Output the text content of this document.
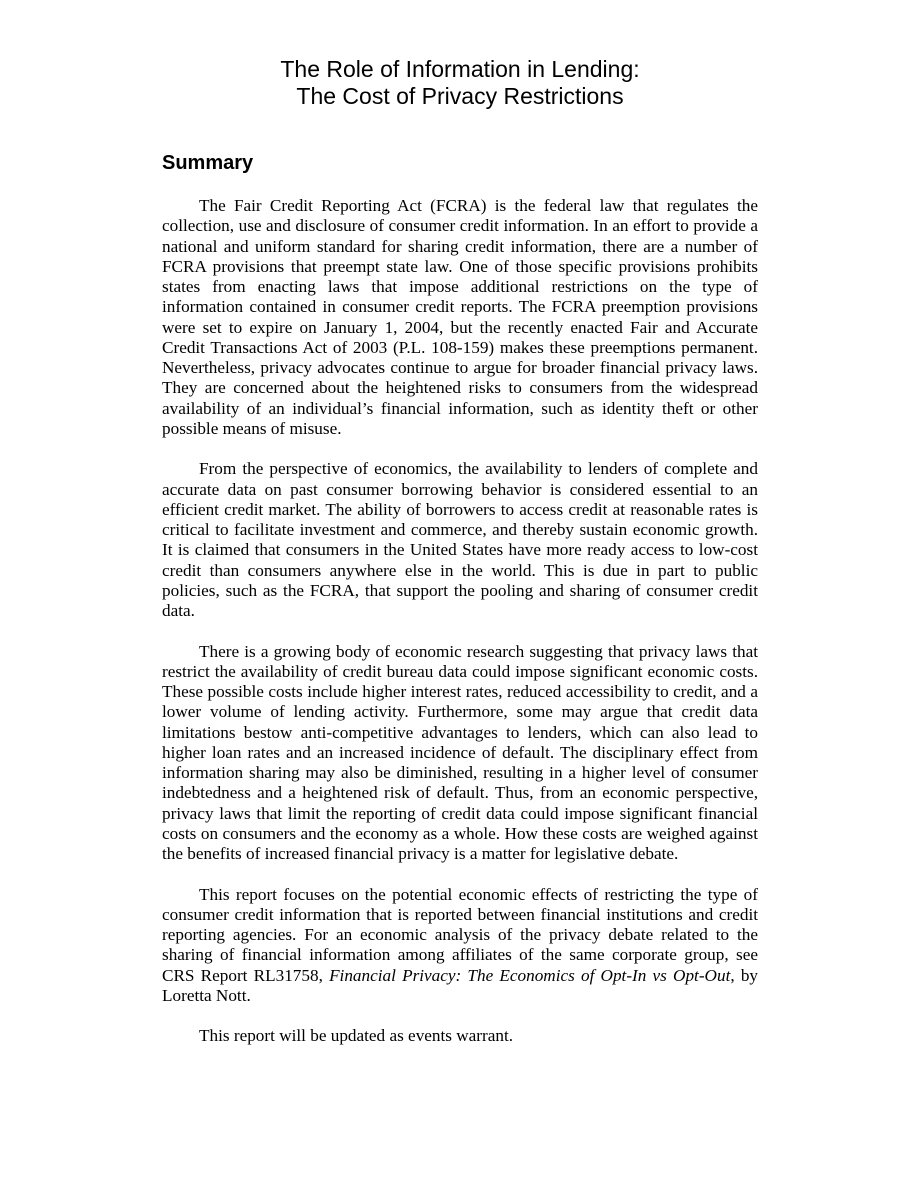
The Role of Information in Lending:
The Cost of Privacy Restrictions
Summary

The Fair Credit Reporting Act (FCRA) is the federal law that regulates the collection, use and disclosure of consumer credit information. In an effort to provide a national and uniform standard for sharing credit information, there are a number of FCRA provisions that preempt state law. One of those specific provisions prohibits states from enacting laws that impose additional restrictions on the type of information contained in consumer credit reports. The FCRA preemption provisions were set to expire on January 1, 2004, but the recently enacted Fair and Accurate Credit Transactions Act of 2003 (P.L. 108-159) makes these preemptions permanent. Nevertheless, privacy advocates continue to argue for broader financial privacy laws. They are concerned about the heightened risks to consumers from the widespread availability of an individual’s financial information, such as identity theft or other possible means of misuse.

From the perspective of economics, the availability to lenders of complete and accurate data on past consumer borrowing behavior is considered essential to an efficient credit market. The ability of borrowers to access credit at reasonable rates is critical to facilitate investment and commerce, and thereby sustain economic growth. It is claimed that consumers in the United States have more ready access to low-cost credit than consumers anywhere else in the world. This is due in part to public policies, such as the FCRA, that support the pooling and sharing of consumer credit data.

There is a growing body of economic research suggesting that privacy laws that restrict the availability of credit bureau data could impose significant economic costs. These possible costs include higher interest rates, reduced accessibility to credit, and a lower volume of lending activity. Furthermore, some may argue that credit data limitations bestow anti-competitive advantages to lenders, which can also lead to higher loan rates and an increased incidence of default. The disciplinary effect from information sharing may also be diminished, resulting in a higher level of consumer indebtedness and a heightened risk of default. Thus, from an economic perspective, privacy laws that limit the reporting of credit data could impose significant financial costs on consumers and the economy as a whole. How these costs are weighed against the benefits of increased financial privacy is a matter for legislative debate.

This report focuses on the potential economic effects of restricting the type of consumer credit information that is reported between financial institutions and credit reporting agencies. For an economic analysis of the privacy debate related to the sharing of financial information among affiliates of the same corporate group, see CRS Report RL31758, Financial Privacy: The Economics of Opt-In vs Opt-Out, by Loretta Nott.

This report will be updated as events warrant.
